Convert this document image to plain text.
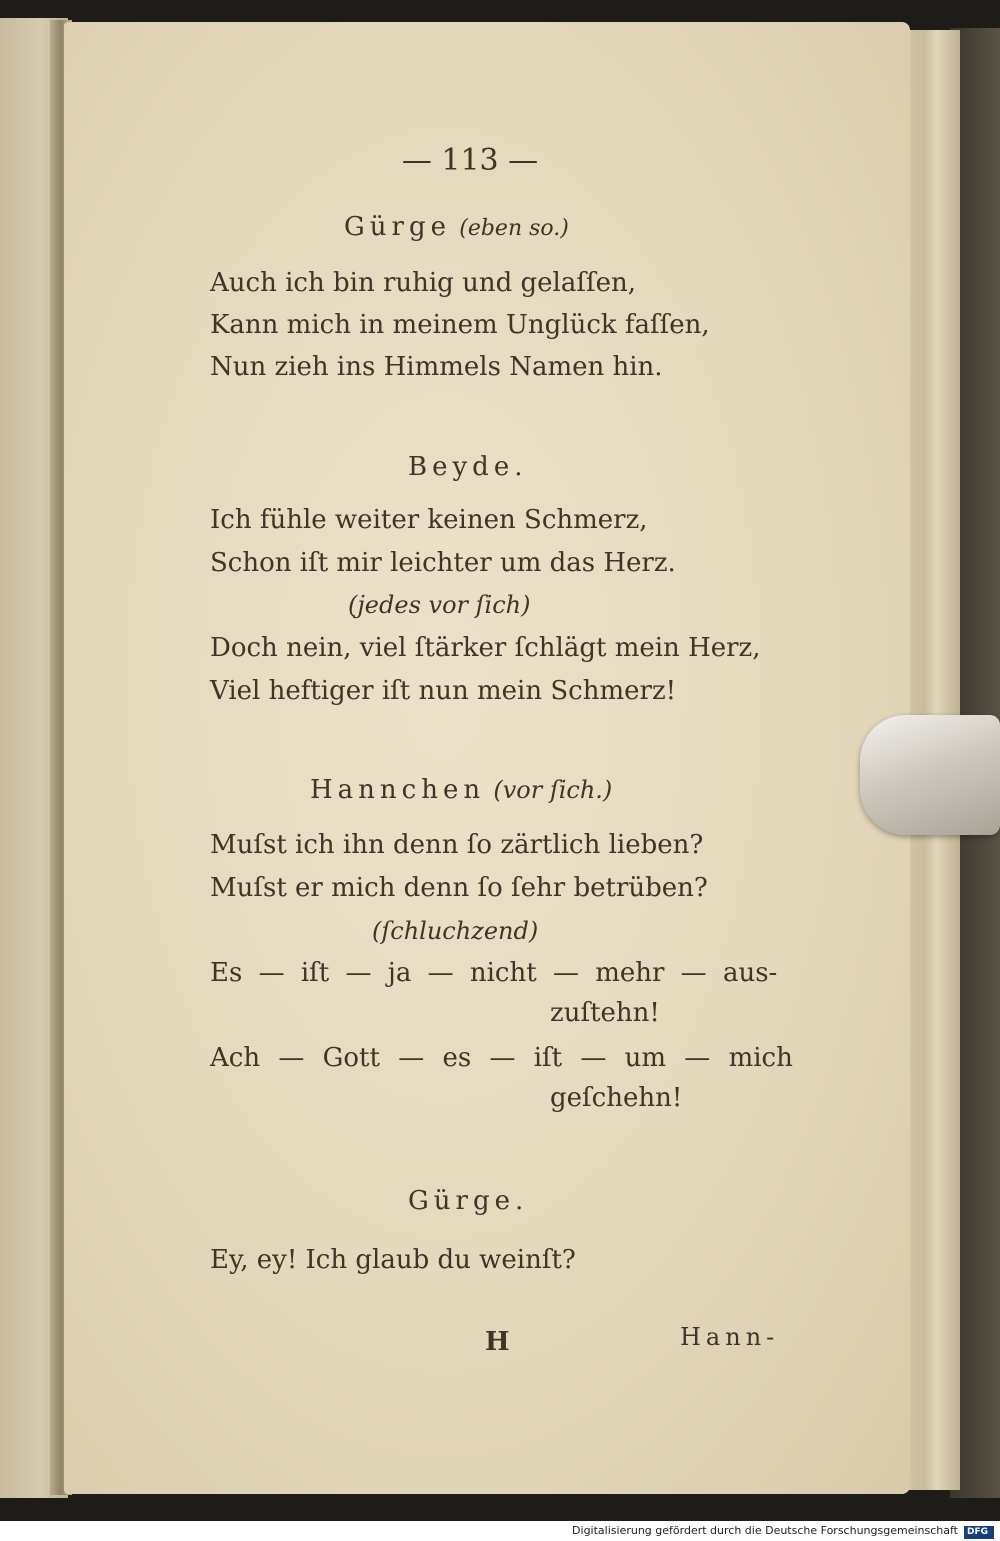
— 113 —
Gürge (eben so.)
Auch ich bin ruhig und gelaſſen,
Kann mich in meinem Unglück faſſen,
Nun zieh ins Himmels Namen hin.
Beyde.
Ich fühle weiter keinen Schmerz,
Schon iſt mir leichter um das Herz.
(jedes vor ſich)
Doch nein, viel ſtärker ſchlägt mein Herz,
Viel heftiger iſt nun mein Schmerz!
Hannchen (vor ſich.)
Muſst ich ihn denn ſo zärtlich lieben?
Muſst er mich denn ſo ſehr betrüben?
(ſchluchzend)
Es — iſt — ja — nicht — mehr — aus-
zuſtehn!
Ach — Gott — es — iſt — um — mich
geſchehn!
Gürge.
Ey, ey! Ich glaub du weinſt?
H	Hann-
Digitalisierung gefördert durch die Deutsche Forschungsgemeinschaft DFG
